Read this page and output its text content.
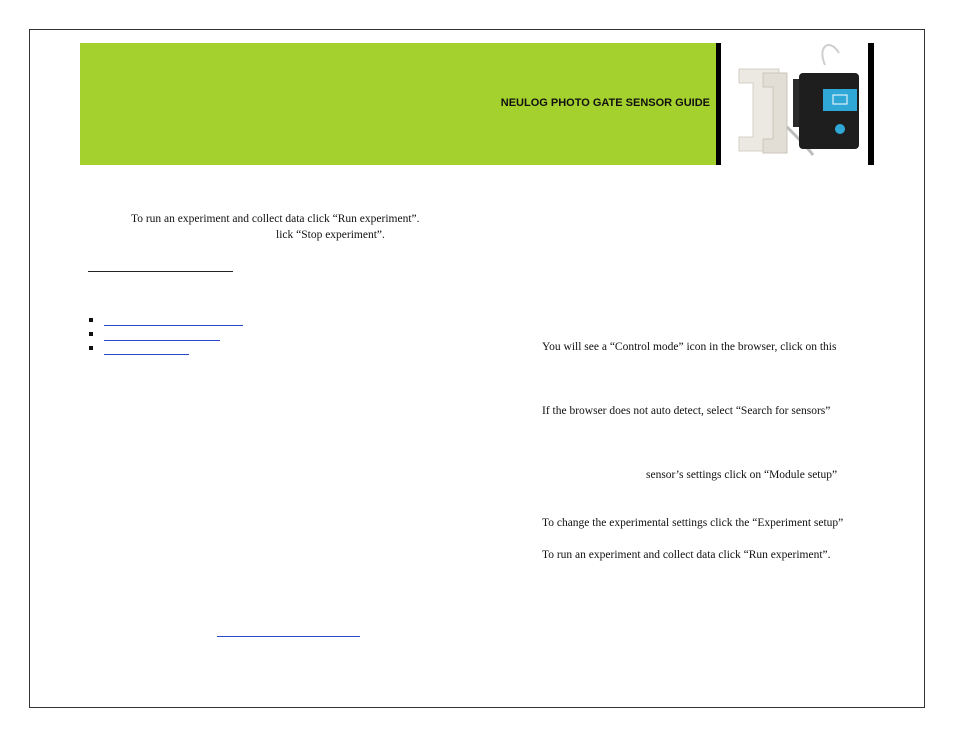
NEULOG PHOTO GATE SENSOR GUIDE
To run an experiment and collect data click “Run experiment”.
lick “Stop experiment”.
You will see a “Control mode” icon in the browser, click on this
If the browser does not auto detect, select “Search for sensors”
sensor’s settings click on “Module setup”
To change the experimental settings click the “Experiment setup”
To run an experiment and collect data click “Run experiment”.
